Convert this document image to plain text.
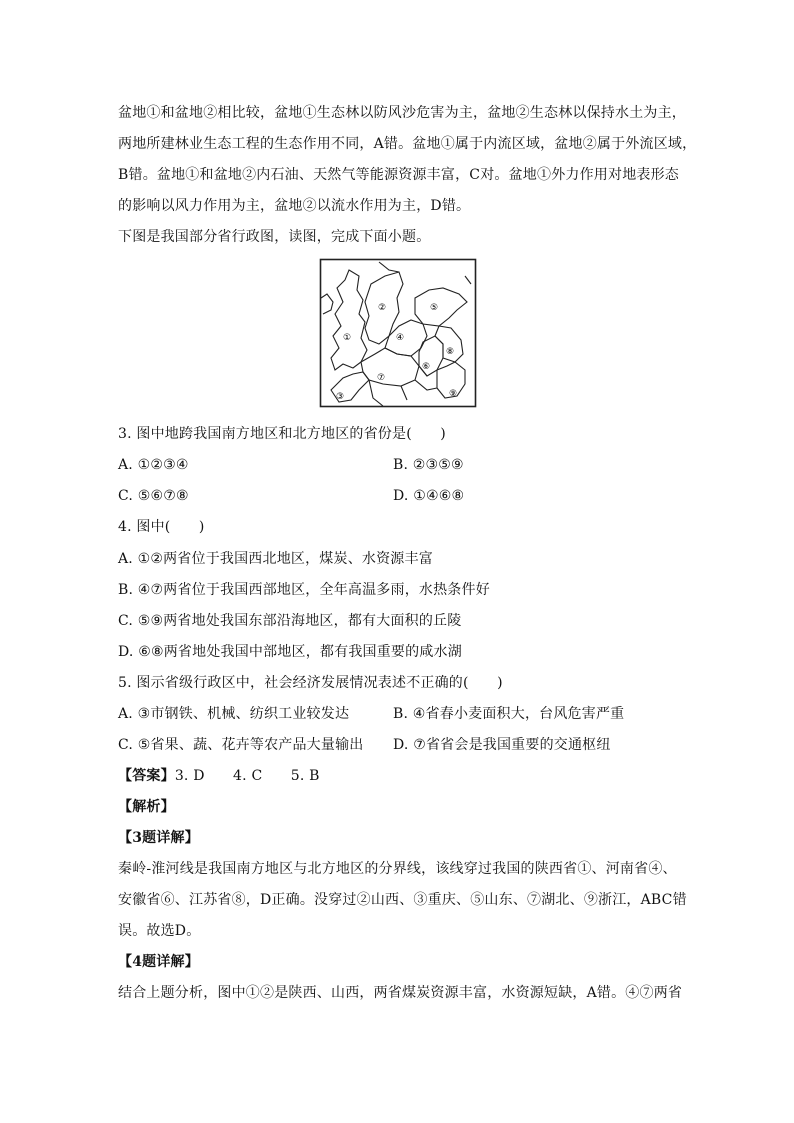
盆地①和盆地②相比较，盆地①生态林以防风沙危害为主，盆地②生态林以保持水土为主，
两地所建林业生态工程的生态作用不同，A错。盆地①属于内流区域，盆地②属于外流区域，
B错。盆地①和盆地②内石油、天然气等能源资源丰富，C对。盆地①外力作用对地表形态
的影响以风力作用为主，盆地②以流水作用为主，D错。
下图是我国部分省行政图，读图，完成下面小题。
①
②
③
④
⑤
⑥
⑦
⑧
⑨
3. 图中地跨我国南方地区和北方地区的省份是(　　)
A. ①②③④	B. ②③⑤⑨
C. ⑤⑥⑦⑧	D. ①④⑥⑧
4. 图中(　　)
A. ①②两省位于我国西北地区，煤炭、水资源丰富
B. ④⑦两省位于我国西部地区，全年高温多雨，水热条件好
C. ⑤⑨两省地处我国东部沿海地区，都有大面积的丘陵
D. ⑥⑧两省地处我国中部地区，都有我国重要的咸水湖
5. 图示省级行政区中，社会经济发展情况表述不正确的(　　)
A. ③市钢铁、机械、纺织工业较发达	B. ④省春小麦面积大，台风危害严重
C. ⑤省果、蔬、花卉等农产品大量输出 D. ⑦省省会是我国重要的交通枢纽
【答案】3. D　　4. C　　5. B
【解析】
【3题详解】
秦岭-淮河线是我国南方地区与北方地区的分界线，该线穿过我国的陕西省①、河南省④、
安徽省⑥、江苏省⑧，D正确。没穿过②山西、③重庆、⑤山东、⑦湖北、⑨浙江，ABC错
误。故选D。
【4题详解】
结合上题分析，图中①②是陕西、山西，两省煤炭资源丰富，水资源短缺，A错。④⑦两省
